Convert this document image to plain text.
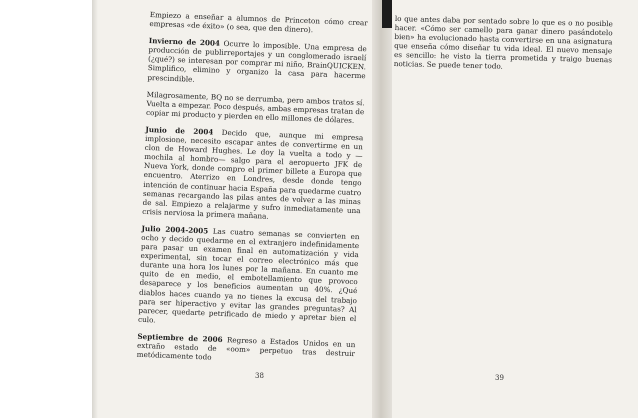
Empiezo a enseñar a alumnos de Princeton cómo crear empresas «de éxito» (o sea, que den dinero).

Invierno de 2004 Ocurre lo imposible. Una empresa de producción de publirreportajes y un conglomerado israelí (¿qué?) se interesan por comprar mi niño, BrainQUICKEN. Simplifico, elimino y organizo la casa para hacerme prescindible.

Milagrosamente, BQ no se derrumba, pero ambos tratos sí. Vuelta a empezar. Poco después, ambas empresas tratan de copiar mi producto y pierden en ello millones de dólares.

Junio de 2004 Decido que, aunque mi empresa implosione, necesito escapar antes de convertirme en un clon de Howard Hughes. Le doy la vuelta a todo y —mochila al hombro— salgo para el aeropuerto JFK de Nueva York, donde compro el primer billete a Europa que encuentro. Aterrizo en Londres, desde donde tengo intención de continuar hacia España para quedarme cuatro semanas recargando las pilas antes de volver a las minas de sal. Empiezo a relajarme y sufro inmediatamente una crisis nerviosa la primera mañana.

Julio 2004-2005 Las cuatro semanas se convierten en ocho y decido quedarme en el extranjero indefinidamente para pasar un examen final en automatización y vida experimental, sin tocar el correo electrónico más que durante una hora los lunes por la mañana. En cuanto me quito de en medio, el embotellamiento que provoco desaparece y los beneficios aumentan un 40%. ¿Qué diablos haces cuando ya no tienes la excusa del trabajo para ser hiperactivo y evitar las grandes preguntas? Al parecer, quedarte petrificado de miedo y apretar bien el culo.

Septiembre de 2006 Regreso a Estados Unidos en un extraño estado de «oom» perpetuo tras destruir metódicamente todo

38

lo que antes daba por sentado sobre lo que es o no posible hacer. «Cómo ser camello para ganar dinero pasándotelo bien» ha evolucionado hasta convertirse en una asignatura que enseña cómo diseñar tu vida ideal. El nuevo mensaje es sencillo: he visto la tierra prometida y traigo buenas noticias. Se puede tener todo.

39
